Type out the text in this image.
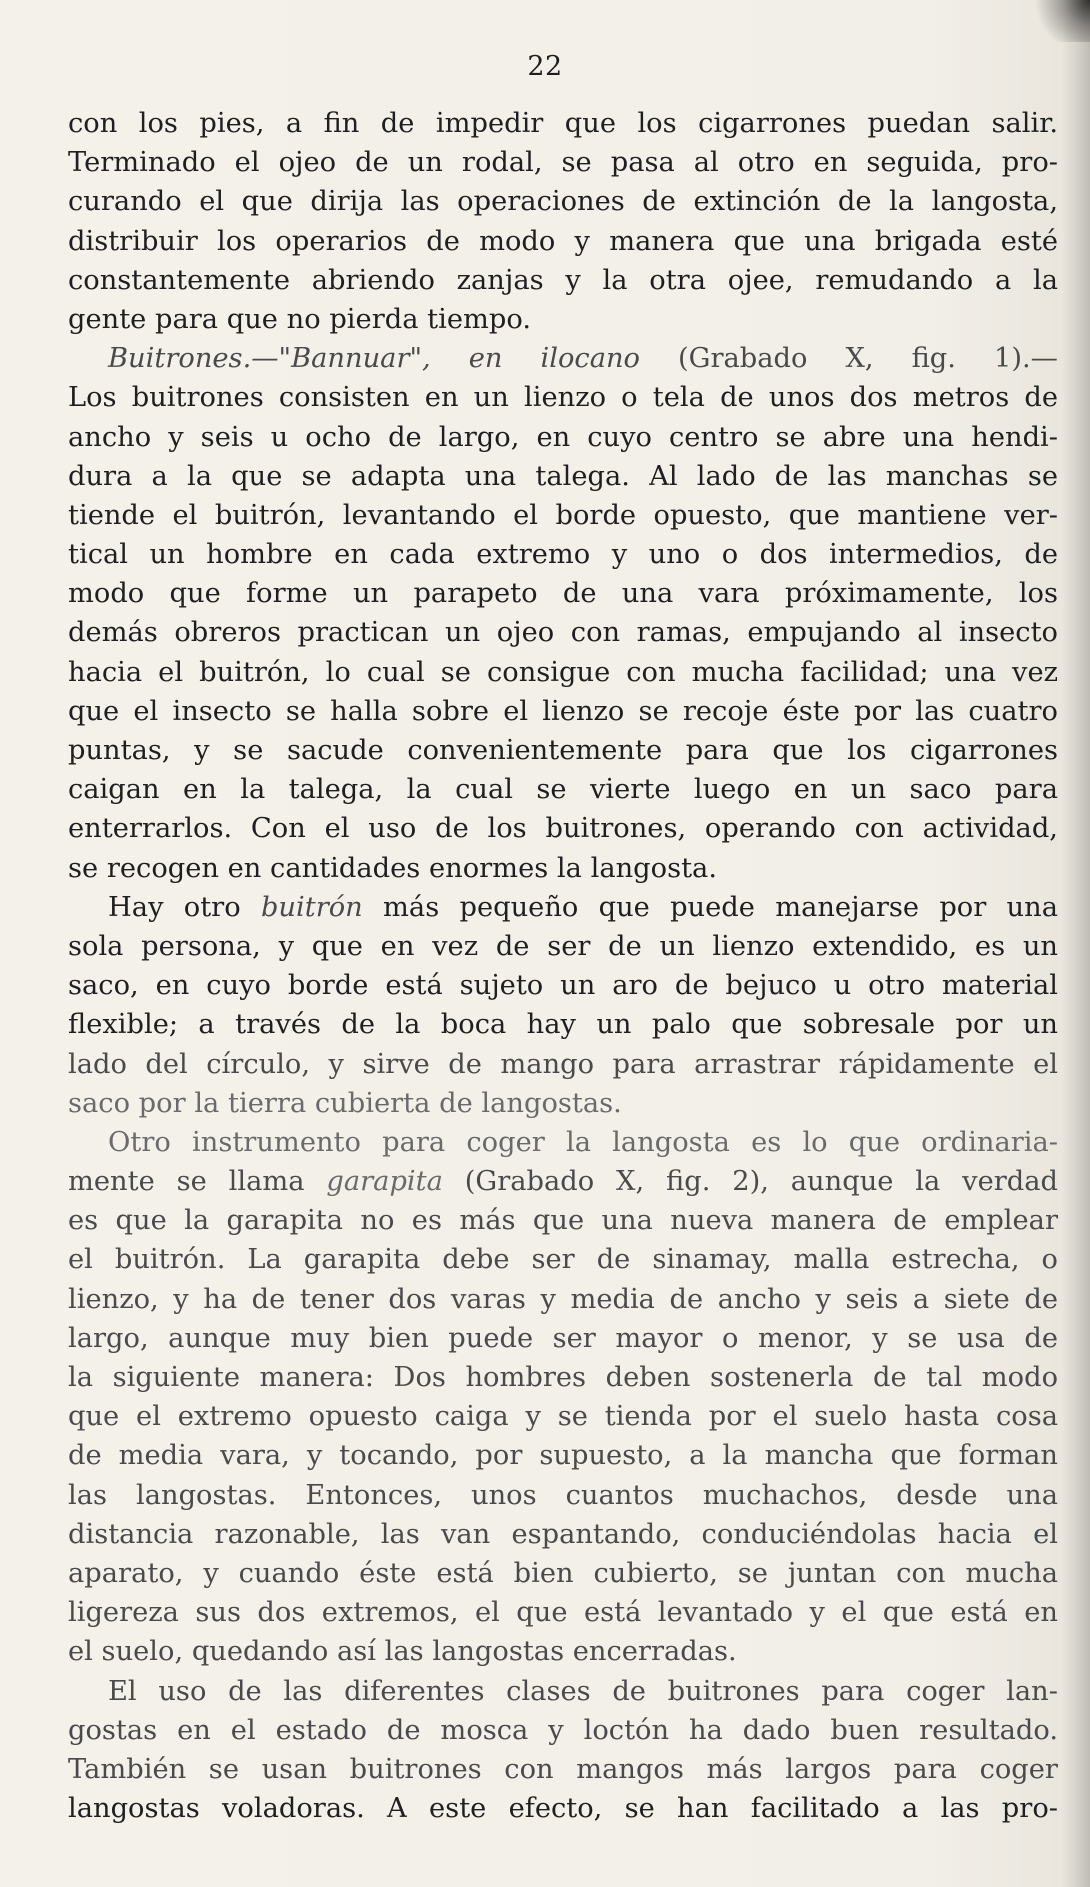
22
con los pies, a fin de impedir que los cigarrones puedan salir.
Terminado el ojeo de un rodal, se pasa al otro en seguida, pro-
curando el que dirija las operaciones de extinción de la langosta,
distribuir los operarios de modo y manera que una brigada esté
constantemente abriendo zanjas y la otra ojee, remudando a la
gente para que no pierda tiempo.
Buitrones.—"Bannuar", en ilocano (Grabado X, fig. 1).—
Los buitrones consisten en un lienzo o tela de unos dos metros de
ancho y seis u ocho de largo, en cuyo centro se abre una hendi-
dura a la que se adapta una talega. Al lado de las manchas se
tiende el buitrón, levantando el borde opuesto, que mantiene ver-
tical un hombre en cada extremo y uno o dos intermedios, de
modo que forme un parapeto de una vara próximamente, los
demás obreros practican un ojeo con ramas, empujando al insecto
hacia el buitrón, lo cual se consigue con mucha facilidad; una vez
que el insecto se halla sobre el lienzo se recoje éste por las cuatro
puntas, y se sacude convenientemente para que los cigarrones
caigan en la talega, la cual se vierte luego en un saco para
enterrarlos. Con el uso de los buitrones, operando con actividad,
se recogen en cantidades enormes la langosta.
Hay otro buitrón más pequeño que puede manejarse por una
sola persona, y que en vez de ser de un lienzo extendido, es un
saco, en cuyo borde está sujeto un aro de bejuco u otro material
flexible; a través de la boca hay un palo que sobresale por un
lado del círculo, y sirve de mango para arrastrar rápidamente el
saco por la tierra cubierta de langostas.
Otro instrumento para coger la langosta es lo que ordinaria-
mente se llama garapita (Grabado X, fig. 2), aunque la verdad
es que la garapita no es más que una nueva manera de emplear
el buitrón. La garapita debe ser de sinamay, malla estrecha, o
lienzo, y ha de tener dos varas y media de ancho y seis a siete de
largo, aunque muy bien puede ser mayor o menor, y se usa de
la siguiente manera: Dos hombres deben sostenerla de tal modo
que el extremo opuesto caiga y se tienda por el suelo hasta cosa
de media vara, y tocando, por supuesto, a la mancha que forman
las langostas. Entonces, unos cuantos muchachos, desde una
distancia razonable, las van espantando, conduciéndolas hacia el
aparato, y cuando éste está bien cubierto, se juntan con mucha
ligereza sus dos extremos, el que está levantado y el que está en
el suelo, quedando así las langostas encerradas.
El uso de las diferentes clases de buitrones para coger lan-
gostas en el estado de mosca y loctón ha dado buen resultado.
También se usan buitrones con mangos más largos para coger
langostas voladoras. A este efecto, se han facilitado a las pro-
